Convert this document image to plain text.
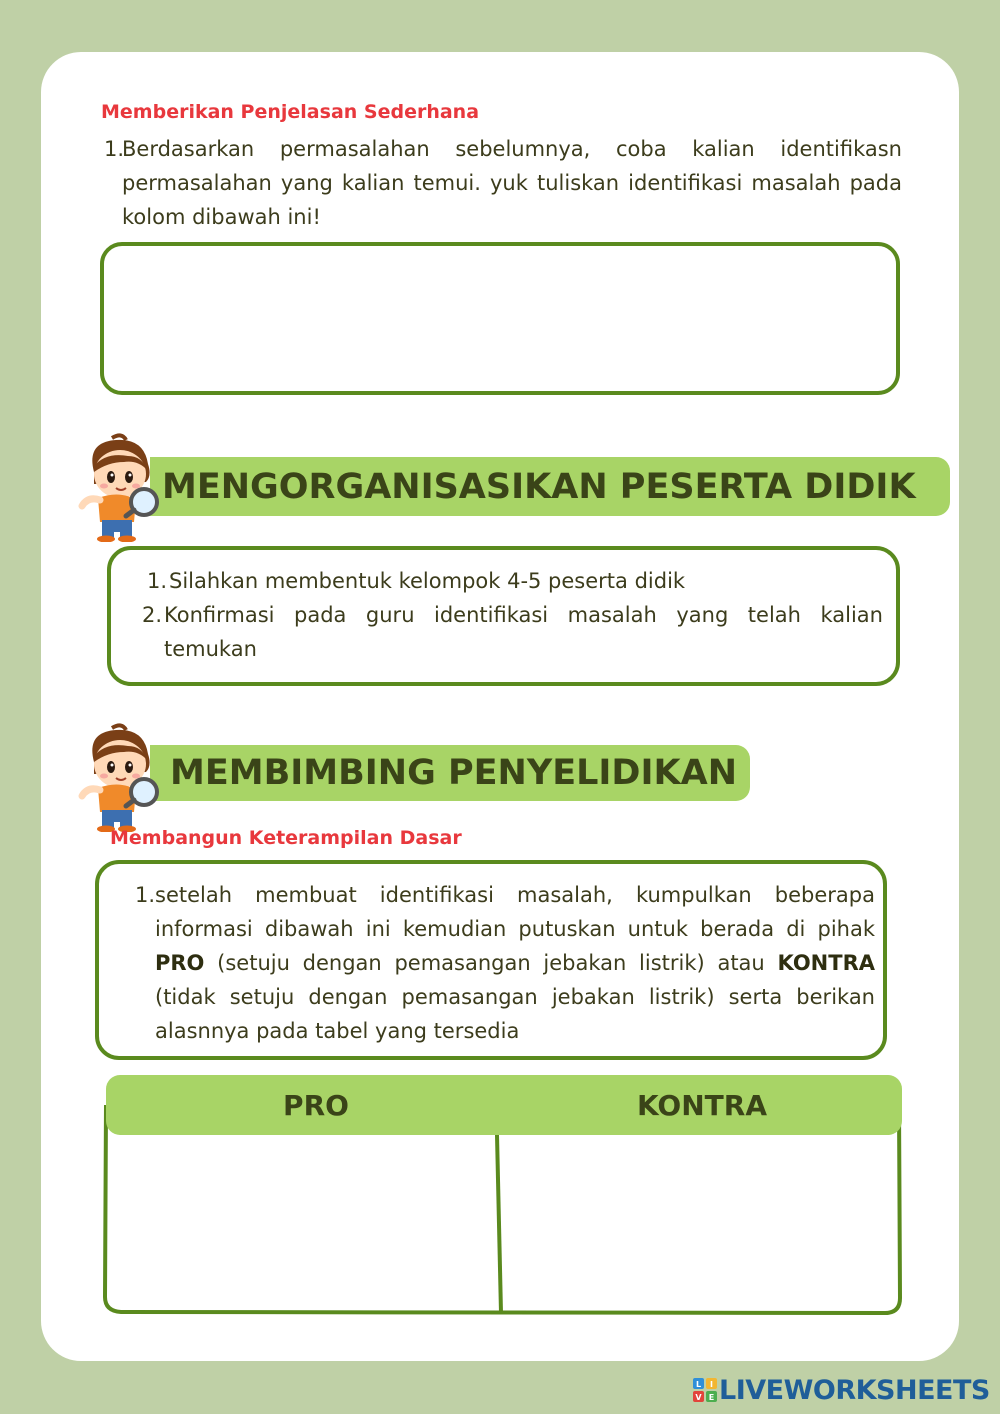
Memberikan Penjelasan Sederhana
1.
Berdasarkan permasalahan sebelumnya, coba kalian identifikasn permasalahan yang kalian temui. yuk tuliskan identifikasi masalah pada kolom dibawah ini!
MENGORGANISASIKAN PESERTA DIDIK
1. Silahkan membentuk kelompok 4-5 peserta didik
2. Konfirmasi pada guru identifikasi masalah yang telah kalian temukan
MEMBIMBING PENYELIDIKAN
Membangun Keterampilan Dasar
1. setelah membuat identifikasi masalah, kumpulkan beberapa informasi dibawah ini kemudian putuskan untuk berada di pihak PRO (setuju dengan pemasangan jebakan listrik) atau KONTRA (tidak setuju dengan pemasangan jebakan listrik) serta berikan alasnnya pada tabel yang tersedia
PRO	KONTRA
L I
V E LIVEWORKSHEETS
